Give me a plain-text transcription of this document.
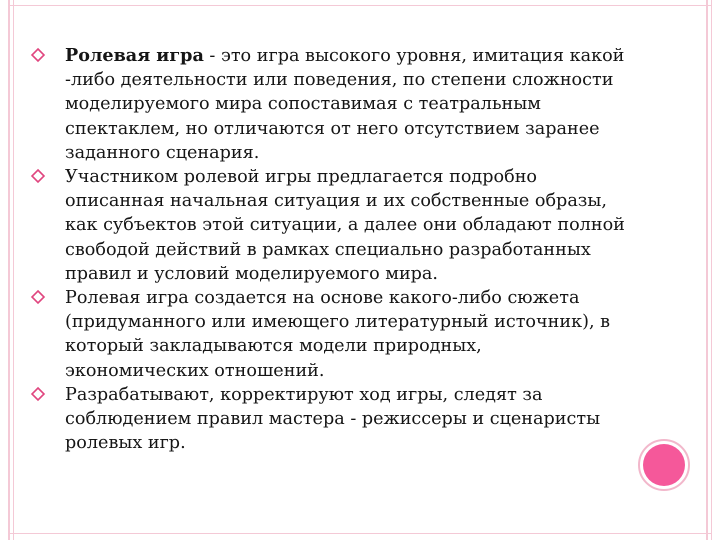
Ролевая игра - это игра высокого уровня, имитация какой -либо деятельности или поведения, по степени сложности моделируемого мира сопоставимая с театральным спектаклем, но отличаются от него отсутствием заранее заданного сценария.
Участником ролевой игры предлагается подробно описанная начальная ситуация и их собственные образы, как субъектов этой ситуации, а далее они обладают полной свободой действий в рамках специально разработанных правил и условий моделируемого мира.
Ролевая игра создается на основе какого-либо сюжета (придуманного или имеющего литературный источник), в который закладываются модели природных, экономических отношений.
Разрабатывают, корректируют ход игры, следят за соблюдением правил мастера - режиссеры и сценаристы ролевых игр.
